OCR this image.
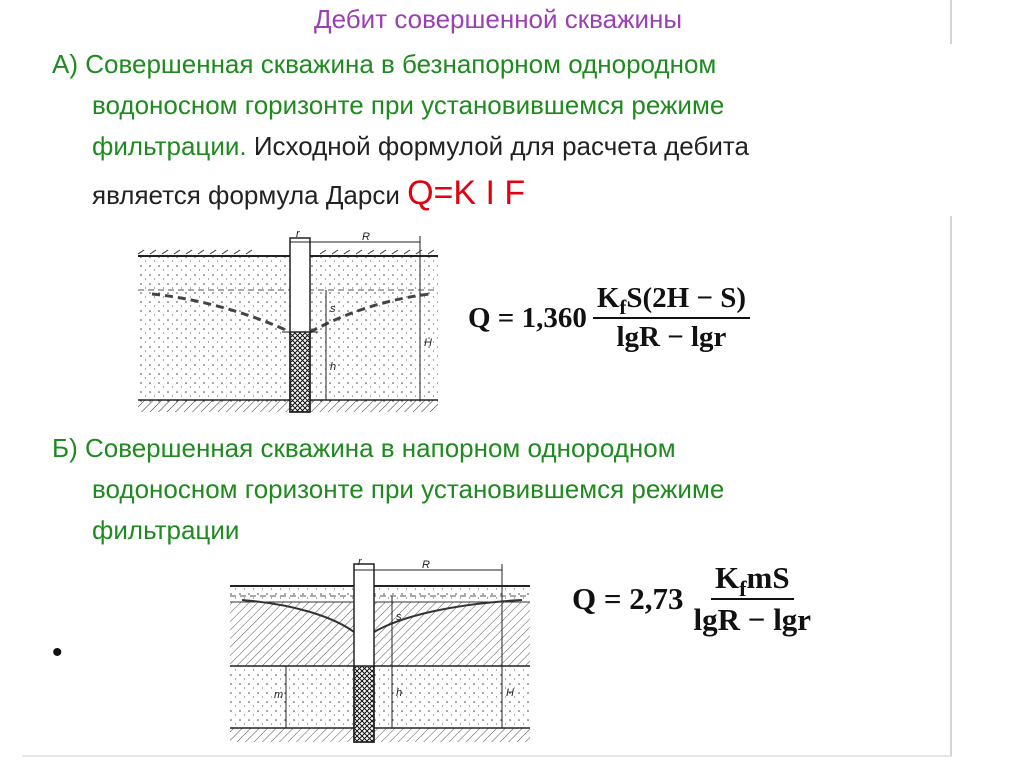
Дебит совершенной скважины
А) Совершенная скважина в безнапорном однородном
водоносном горизонте при установившемся режиме
фильтрации. Исходной формулой для расчета дебита
является формула Дарси Q=K I F
r	R
s
h
H
$Q = 1,360 \frac{K_fS(2H - S)}{\lg R - \lg r}$
Б) Совершенная скважина в напорном однородном
водоносном горизонте при установившемся режиме
фильтрации
r	R
s
h	H
m
$Q = 2,73 \frac{K_fmS}{\lg R - \lg r}$
•
